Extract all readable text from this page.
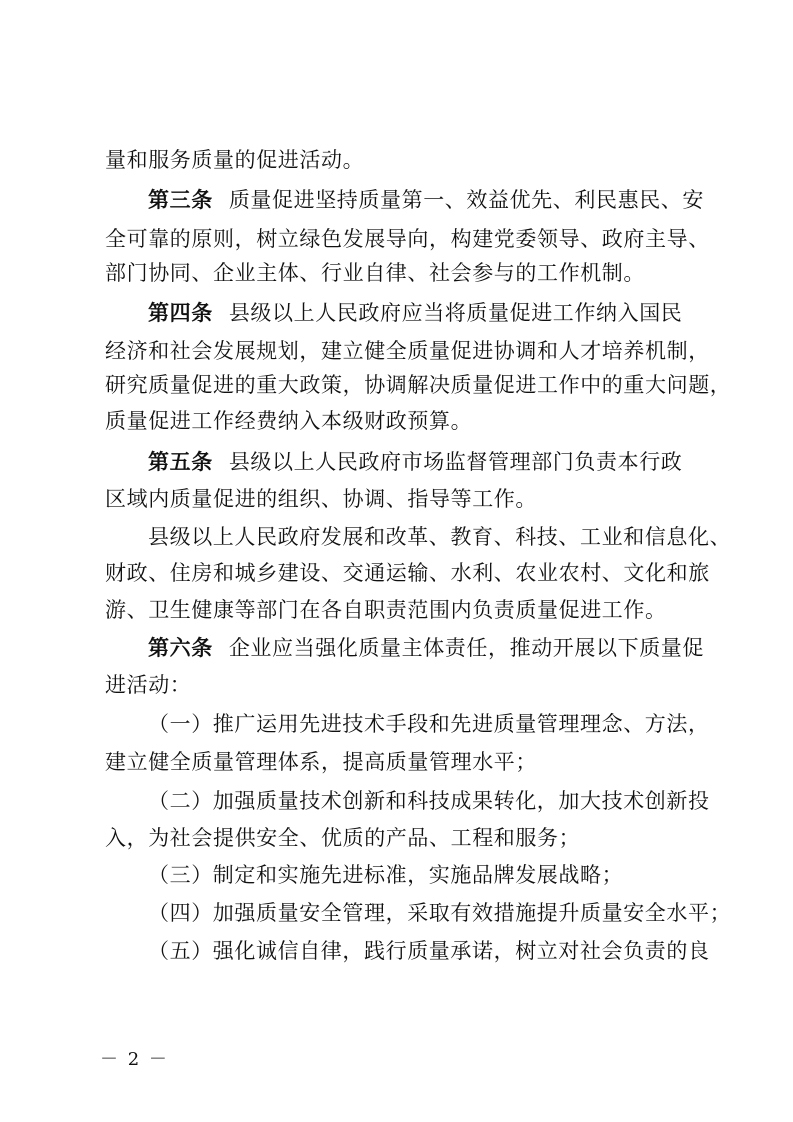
量和服务质量的促进活动。
第三条 质量促进坚持质量第一、效益优先、利民惠民、安
全可靠的原则，树立绿色发展导向，构建党委领导、政府主导、
部门协同、企业主体、行业自律、社会参与的工作机制。
第四条 县级以上人民政府应当将质量促进工作纳入国民
经济和社会发展规划，建立健全质量促进协调和人才培养机制，
研究质量促进的重大政策，协调解决质量促进工作中的重大问题，
质量促进工作经费纳入本级财政预算。
第五条 县级以上人民政府市场监督管理部门负责本行政
区域内质量促进的组织、协调、指导等工作。
县级以上人民政府发展和改革、教育、科技、工业和信息化、
财政、住房和城乡建设、交通运输、水利、农业农村、文化和旅
游、卫生健康等部门在各自职责范围内负责质量促进工作。
第六条 企业应当强化质量主体责任，推动开展以下质量促
进活动：
（一）推广运用先进技术手段和先进质量管理理念、方法，
建立健全质量管理体系，提高质量管理水平；
（二）加强质量技术创新和科技成果转化，加大技术创新投
入，为社会提供安全、优质的产品、工程和服务；
（三）制定和实施先进标准，实施品牌发展战略；
（四）加强质量安全管理，采取有效措施提升质量安全水平；
（五）强化诚信自律，践行质量承诺，树立对社会负责的良
－ 2 －
